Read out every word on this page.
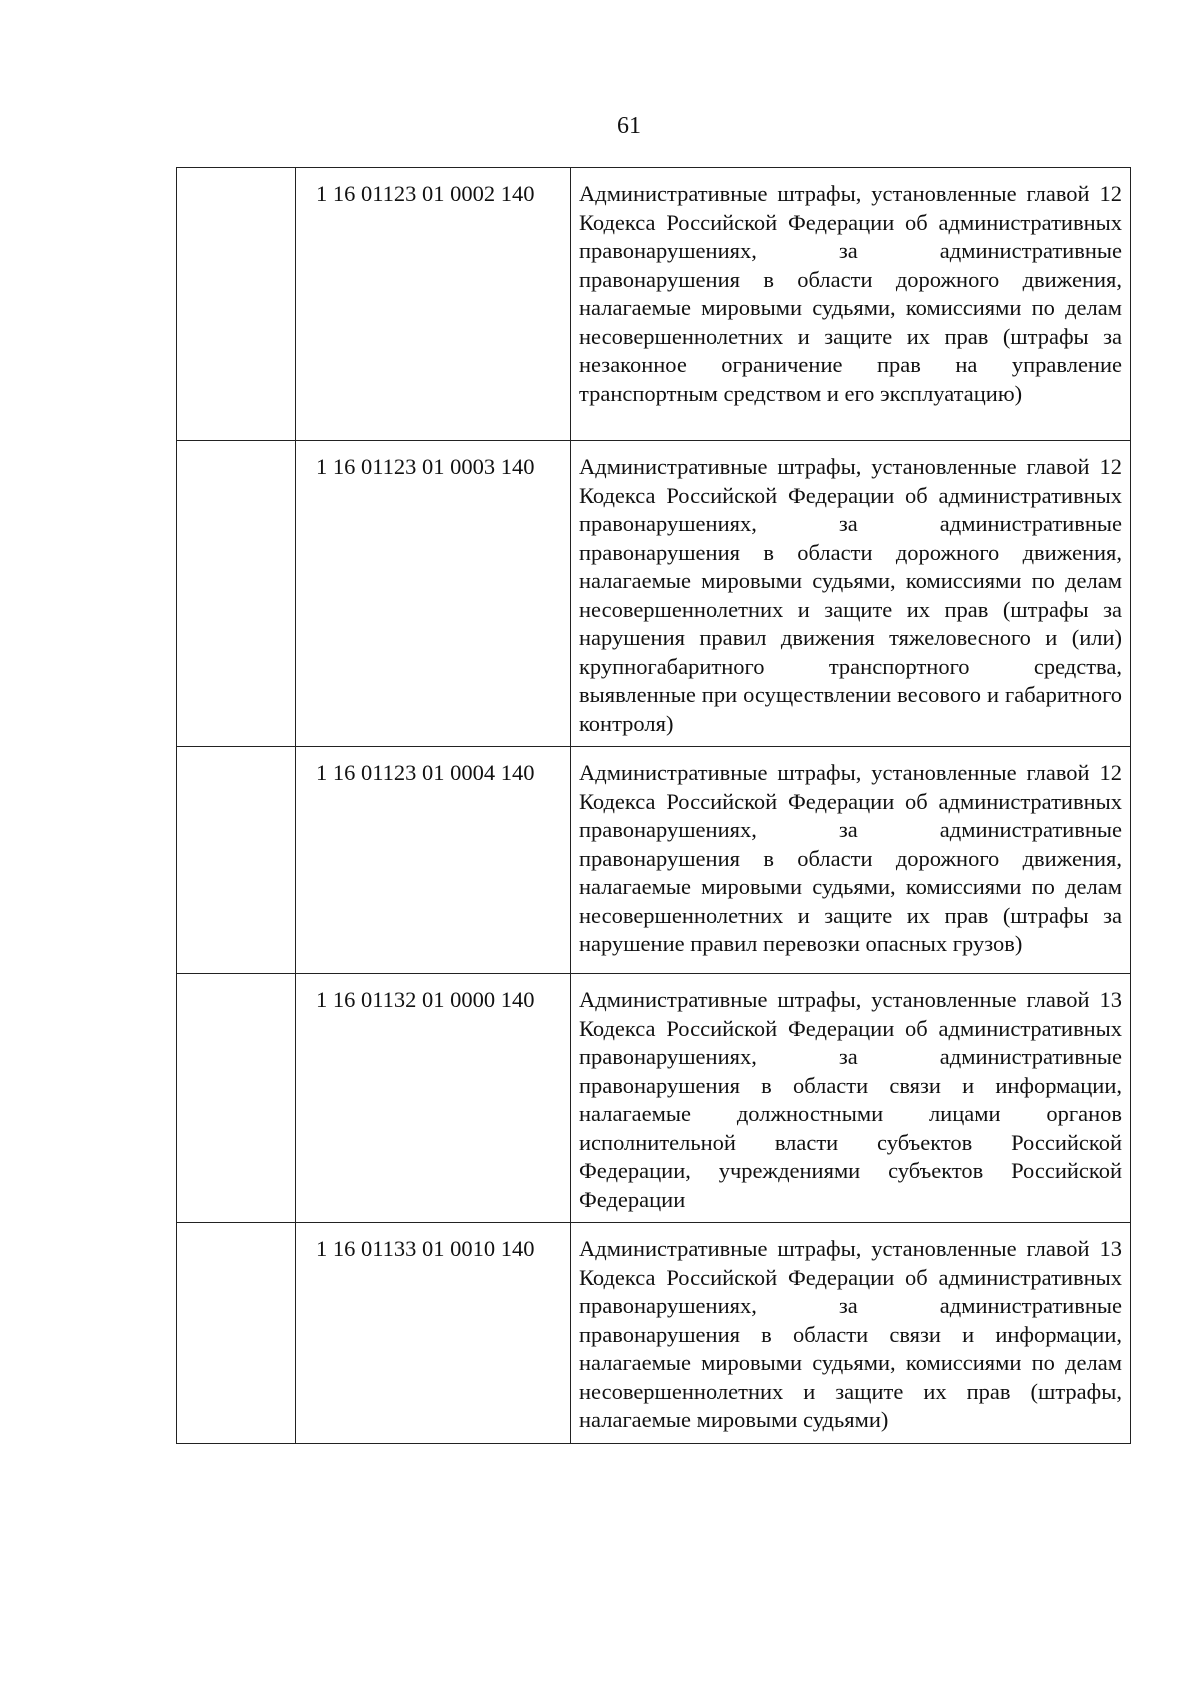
61
	1 16 01123 01 0002 140	Административные штрафы, установленные главой 12 Кодекса Российской Федерации об административных правонарушениях, за административные правонарушения в области дорожного движения, налагаемые мировыми судьями, комиссиями по делам несовершеннолетних и защите их прав (штрафы за незаконное ограничение прав на управление транспортным средством и его эксплуатацию)
	1 16 01123 01 0003 140	Административные штрафы, установленные главой 12 Кодекса Российской Федерации об административных правонарушениях, за административные правонарушения в области дорожного движения, налагаемые мировыми судьями, комиссиями по делам несовершеннолетних и защите их прав (штрафы за нарушения правил движения тяжеловесного и (или) крупногабаритного транспортного средства, выявленные при осуществлении весового и габаритного контроля)
	1 16 01123 01 0004 140	Административные штрафы, установленные главой 12 Кодекса Российской Федерации об административных правонарушениях, за административные правонарушения в области дорожного движения, налагаемые мировыми судьями, комиссиями по делам несовершеннолетних и защите их прав (штрафы за нарушение правил перевозки опасных грузов)
	1 16 01132 01 0000 140	Административные штрафы, установленные главой 13 Кодекса Российской Федерации об административных правонарушениях, за административные правонарушения в области связи и информации, налагаемые должностными лицами органов исполнительной власти субъектов Российской Федерации, учреждениями субъектов Российской Федерации
	1 16 01133 01 0010 140	Административные штрафы, установленные главой 13 Кодекса Российской Федерации об административных правонарушениях, за административные правонарушения в области связи и информации, налагаемые мировыми судьями, комиссиями по делам несовершеннолетних и защите их прав (штрафы, налагаемые мировыми судьями)
